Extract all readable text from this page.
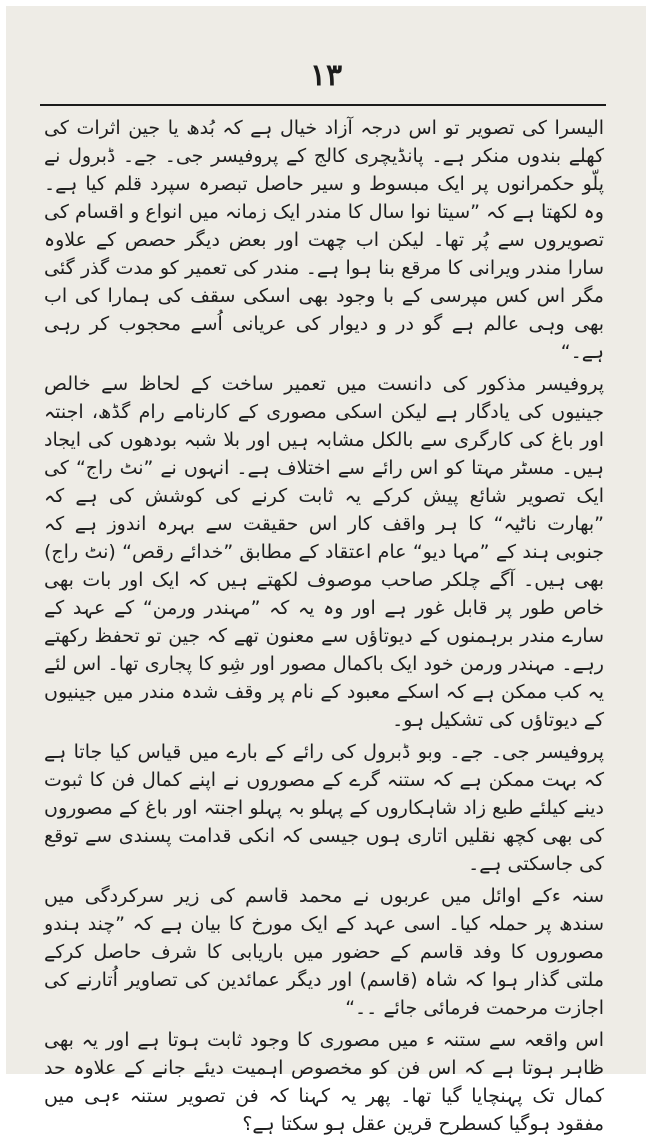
۱۳

الیسرا کی تصویر تو اس درجہ آزاد خیال ہے کہ بُدھ یا جین اثرات کی کھلے بندوں منکر ہے۔ پانڈیچری کالج کے پروفیسر جی۔ جے۔ ڈبرول نے پلّو حکمرانوں پر ایک مبسوط و سیر حاصل تبصرہ سپرد قلم کیا ہے۔ وہ لکھتا ہے کہ ”سیتا نوا سال کا مندر ایک زمانہ میں انواع و اقسام کی تصویروں سے پُر تھا۔ لیکن اب چھت اور بعض دیگر حصص کے علاوہ سارا مندر ویرانی کا مرقع بنا ہوا ہے۔ مندر کی تعمیر کو مدت گذر گئی مگر اس کس مپرسی کے با وجود بھی اسکی سقف کی ہمارا کی اب بھی وہی عالم ہے گو در و دیوار کی عریانی اُسے محجوب کر رہی ہے۔“

پروفیسر مذکور کی دانست میں تعمیر ساخت کے لحاظ سے خالص جینیوں کی یادگار ہے لیکن اسکی مصوری کے کارنامے رام گڈھ، اجنتہ اور باغ کی کارگری سے بالکل مشابہ ہیں اور بلا شبہ بودھوں کی ایجاد ہیں۔ مسٹر مہتا کو اس رائے سے اختلاف ہے۔ انہوں نے ”نٹ راج“ کی ایک تصویر شائع پیش کرکے یہ ثابت کرنے کی کوشش کی ہے کہ ”بھارت ناٹیہ“ کا ہر واقف کار اس حقیقت سے بہرہ اندوز ہے کہ جنوبی ہند کے ”مہا دیو“ عام اعتقاد کے مطابق ”خدائے رقص“ (نٹ راج) بھی ہیں۔ آگے چلکر صاحب موصوف لکھتے ہیں کہ ایک اور بات بھی خاص طور پر قابل غور ہے اور وہ یہ کہ ”مہندر ورمن“ کے عہد کے سارے مندر برہمنوں کے دیوتاؤں سے معنون تھے کہ جین تو تحفظ رکھتے رہے۔ مہندر ورمن خود ایک باکمال مصور اور شِو کا پجاری تھا۔ اس لئے یہ کب ممکن ہے کہ اسکے معبود کے نام پر وقف شدہ مندر میں جینیوں کے دیوتاؤں کی تشکیل ہو۔

پروفیسر جی۔ جے۔ وبو ڈبرول کی رائے کے بارے میں قیاس کیا جاتا ہے کہ بہت ممکن ہے کہ ستنہ گرے کے مصوروں نے اپنے کمال فن کا ثبوت دینے کیلئے طبع زاد شاہکاروں کے پہلو بہ پہلو اجنتہ اور باغ کے مصوروں کی بھی کچھ نقلیں اتاری ہوں جیسی کہ انکی قدامت پسندی سے توقع کی جاسکتی ہے۔

سنہ ءکے اوائل میں عربوں نے محمد قاسم کی زیر سرکردگی میں سندھ پر حملہ کیا۔ اسی عہد کے ایک مورخ کا بیان ہے کہ ”چند ہندو مصوروں کا وفد قاسم کے حضور میں باریابی کا شرف حاصل کرکے ملتی گذار ہوا کہ شاہ (قاسم) اور دیگر عمائدین کی تصاویر اُتارنے کی اجازت مرحمت فرمائی جائے ۔۔“

اس واقعہ سے ستنہ ء میں مصوری کا وجود ثابت ہوتا ہے اور یہ بھی ظاہر ہوتا ہے کہ اس فن کو مخصوص اہمیت دیئے جانے کے علاوہ حد کمال تک پہنچایا گیا تھا۔ پھر یہ کہنا کہ فن تصویر ستنہ ءہی میں مفقود ہوگیا کسطرح قرین عقل ہو سکتا ہے؟
